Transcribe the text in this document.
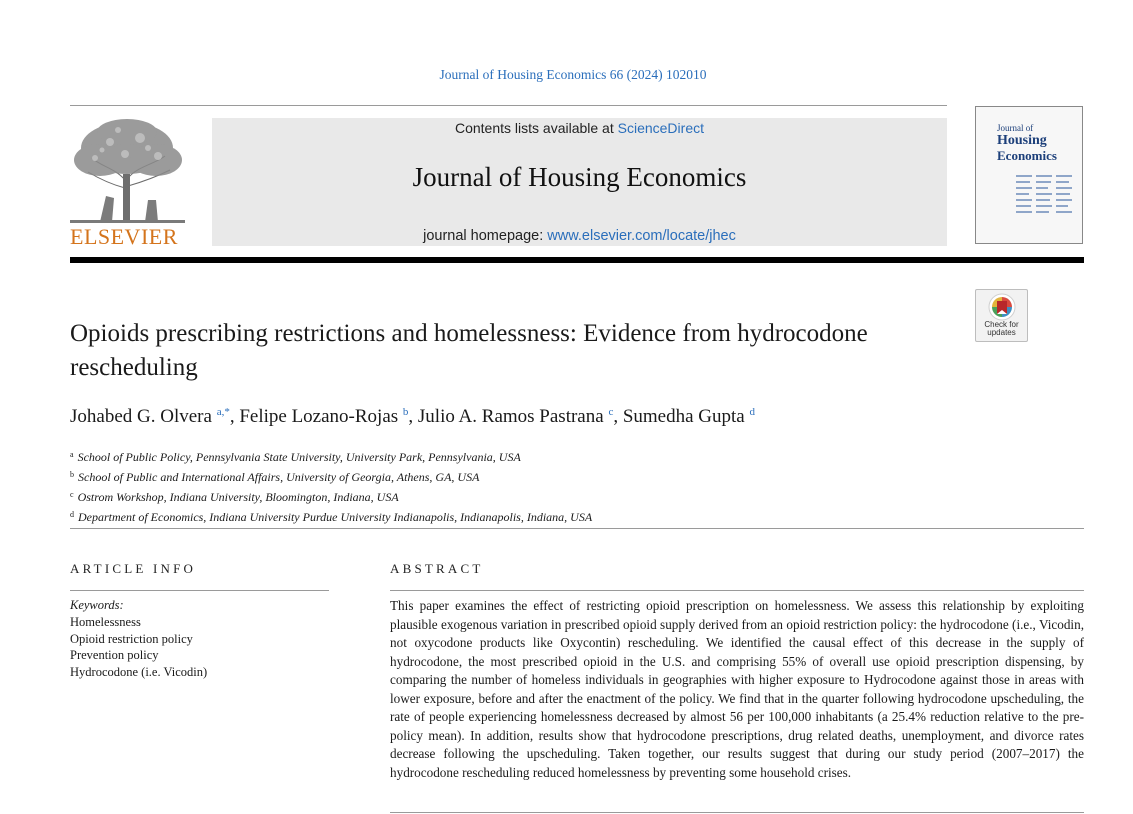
Journal of Housing Economics 66 (2024) 102010
ELSEVIER
Contents lists available at ScienceDirect
Journal of Housing Economics
journal homepage: www.elsevier.com/locate/jhec
Journal of
Housing
Economics
Check for
updates
Opioids prescribing restrictions and homelessness: Evidence from hydrocodone rescheduling
Johabed G. Olvera $^{a,*}$, Felipe Lozano-Rojas $^b$, Julio A. Ramos Pastrana $^c$, Sumedha Gupta $^d$
$^a$ School of Public Policy, Pennsylvania State University, University Park, Pennsylvania, USA
$^b$ School of Public and International Affairs, University of Georgia, Athens, GA, USA
$^c$ Ostrom Workshop, Indiana University, Bloomington, Indiana, USA
$^d$ Department of Economics, Indiana University Purdue University Indianapolis, Indianapolis, Indiana, USA
ARTICLE INFO
Keywords:
Homelessness
Opioid restriction policy
Prevention policy
Hydrocodone (i.e. Vicodin)
ABSTRACT

This paper examines the effect of restricting opioid prescription on homelessness. We assess this relationship by exploiting plausible exogenous variation in prescribed opioid supply derived from an opioid restriction policy: the hydrocodone (i.e., Vicodin, not oxycodone products like Oxycontin) rescheduling. We identified the causal effect of this decrease in the supply of hydrocodone, the most prescribed opioid in the U.S. and comprising 55% of overall use opioid prescription dispensing, by comparing the number of homeless individuals in geographies with higher exposure to Hydrocodone against those in areas with lower exposure, before and after the enactment of the policy. We find that in the quarter following hydrocodone upscheduling, the rate of people experiencing homelessness decreased by almost 56 per 100,000 inhabitants (a 25.4% reduction relative to the pre-policy mean). In addition, results show that hydrocodone prescriptions, drug related deaths, unemployment, and divorce rates decrease following the upscheduling. Taken together, our results suggest that during our study period (2007–2017) the hydrocodone rescheduling reduced homelessness by preventing some household crises.
